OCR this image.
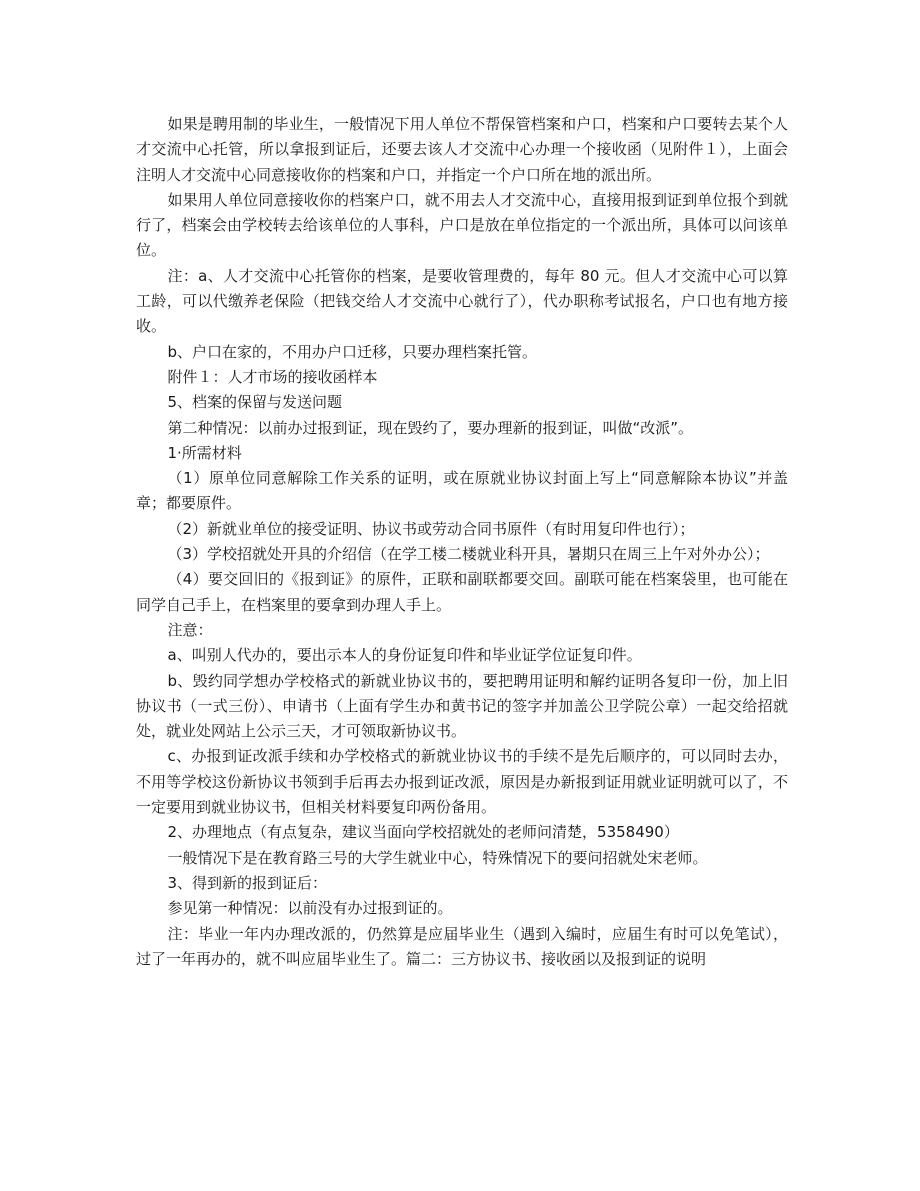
如果是聘用制的毕业生，一般情况下用人单位不帮保管档案和户口，档案和户口要转去某个人才交流中心托管，所以拿报到证后，还要去该人才交流中心办理一个接收函（见附件１），上面会注明人才交流中心同意接收你的档案和户口，并指定一个户口所在地的派出所。

如果用人单位同意接收你的档案户口，就不用去人才交流中心，直接用报到证到单位报个到就行了，档案会由学校转去给该单位的人事科，户口是放在单位指定的一个派出所，具体可以问该单位。

注：a、人才交流中心托管你的档案，是要收管理费的，每年 80 元。但人才交流中心可以算工龄，可以代缴养老保险（把钱交给人才交流中心就行了），代办职称考试报名，户口也有地方接收。

b、户口在家的，不用办户口迁移，只要办理档案托管。

附件１：人才市场的接收函样本

5、档案的保留与发送问题

第二种情况：以前办过报到证，现在毁约了，要办理新的报到证，叫做“改派”。

1·所需材料

（1）原单位同意解除工作关系的证明，或在原就业协议封面上写上“同意解除本协议”并盖章；都要原件。

（2）新就业单位的接受证明、协议书或劳动合同书原件（有时用复印件也行）；

（3）学校招就处开具的介绍信（在学工楼二楼就业科开具，暑期只在周三上午对外办公）；

（4）要交回旧的《报到证》的原件，正联和副联都要交回。副联可能在档案袋里，也可能在同学自己手上，在档案里的要拿到办理人手上。

注意：

a、叫别人代办的，要出示本人的身份证复印件和毕业证学位证复印件。

b、毁约同学想办学校格式的新就业协议书的，要把聘用证明和解约证明各复印一份，加上旧协议书（一式三份）、申请书（上面有学生办和黄书记的签字并加盖公卫学院公章）一起交给招就处，就业处网站上公示三天，才可领取新协议书。

c、办报到证改派手续和办学校格式的新就业协议书的手续不是先后顺序的，可以同时去办，不用等学校这份新协议书领到手后再去办报到证改派，原因是办新报到证用就业证明就可以了，不一定要用到就业协议书，但相关材料要复印两份备用。

2、办理地点（有点复杂，建议当面向学校招就处的老师问清楚，5358490）

一般情况下是在教育路三号的大学生就业中心，特殊情况下的要问招就处宋老师。

3、得到新的报到证后：

参见第一种情况：以前没有办过报到证的。

注：毕业一年内办理改派的，仍然算是应届毕业生（遇到入编时，应届生有时可以免笔试），过了一年再办的，就不叫应届毕业生了。篇二：三方协议书、接收函以及报到证的说明
